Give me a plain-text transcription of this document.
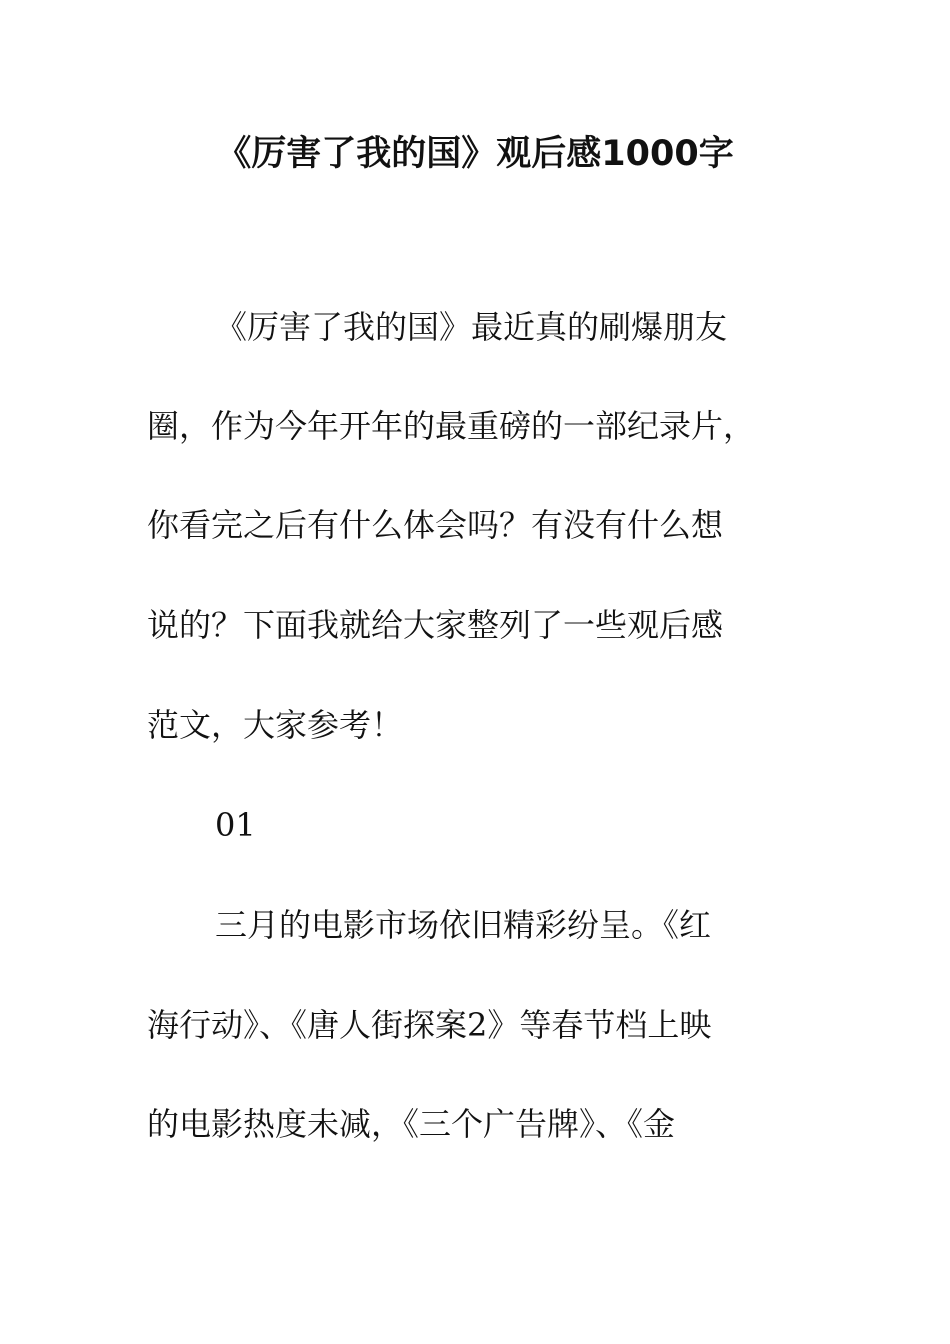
《厉害了我的国》观后感1000字
《厉害了我的国》最近真的刷爆朋友
圈，作为今年开年的最重磅的一部纪录片，
你看完之后有什么体会吗？有没有什么想
说的？下面我就给大家整列了一些观后感
范文，大家参考！
01
三月的电影市场依旧精彩纷呈。《红
海行动》、《唐人街探案2》等春节档上映
的电影热度未减，《三个广告牌》、《金
